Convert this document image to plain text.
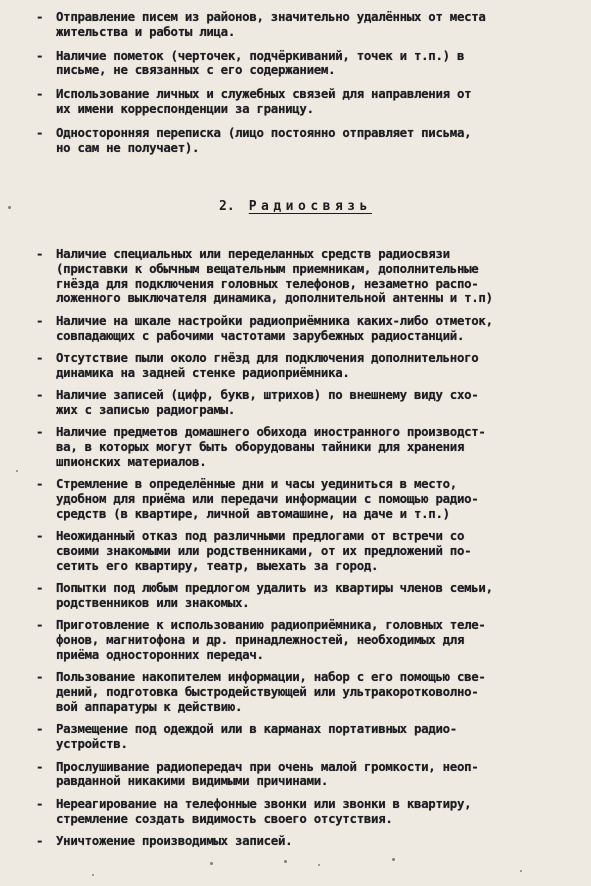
- Отправление писем из районов, значительно удалённых от места
жительства и работы лица.
- Наличие пометок (черточек, подчёркиваний, точек и т.п.) в
письме, не связанных с его содержанием.
- Использование личных и служебных связей для направления от
их имени корреспонденции за границу.
- Односторонняя переписка (лицо постоянно отправляет письма,
но сам не получает).
2. Радиосвязь
- Наличие специальных или переделанных средств радиосвязи
(приставки к обычным вещательным приемникам, дополнительные
гнёзда для подключения головных телефонов, незаметно распо-
ложенного выключателя динамика, дополнительной антенны и т.п)
- Наличие на шкале настройки радиоприёмника каких-либо отметок,
совпадающих с рабочими частотами зарубежных радиостанций.
- Отсутствие пыли около гнёзд для подключения дополнительного
динамика на задней стенке радиоприёмника.
- Наличие записей (цифр, букв, штрихов) по внешнему виду схо-
жих с записью радиограмы.
- Наличие предметов домашнего обихода иностранного производст-
ва, в которых могут быть оборудованы тайники для хранения
шпионских материалов.
- Стремление в определённые дни и часы уединиться в место,
удобном для приёма или передачи информации с помощью радио-
средств (в квартире, личной автомашине, на даче и т.п.)
- Неожиданный отказ под различными предлогами от встречи со
своими знакомыми или родственниками, от их предложений по-
сетить его квартиру, театр, выехать за город.
- Попытки под любым предлогом удалить из квартиры членов семьи,
родственников или знакомых.
- Приготовление к использованию радиоприёмника, головных теле-
фонов, магнитофона и др. принадлежностей, необходимых для
приёма односторонних передач.
- Пользование накопителем информации, набор с его помощью све-
дений, подготовка быстродействующей или ультракоротковолно-
вой аппаратуры к действию.
- Размещение под одеждой или в карманах портативных радио-
устройств.
- Прослушивание радиопередач при очень малой громкости, неоп-
равданной никакими видимыми причинами.
- Нереагирование на телефонные звонки или звонки в квартиру,
стремление создать видимость своего отсутствия.
- Уничтожение производимых записей.
